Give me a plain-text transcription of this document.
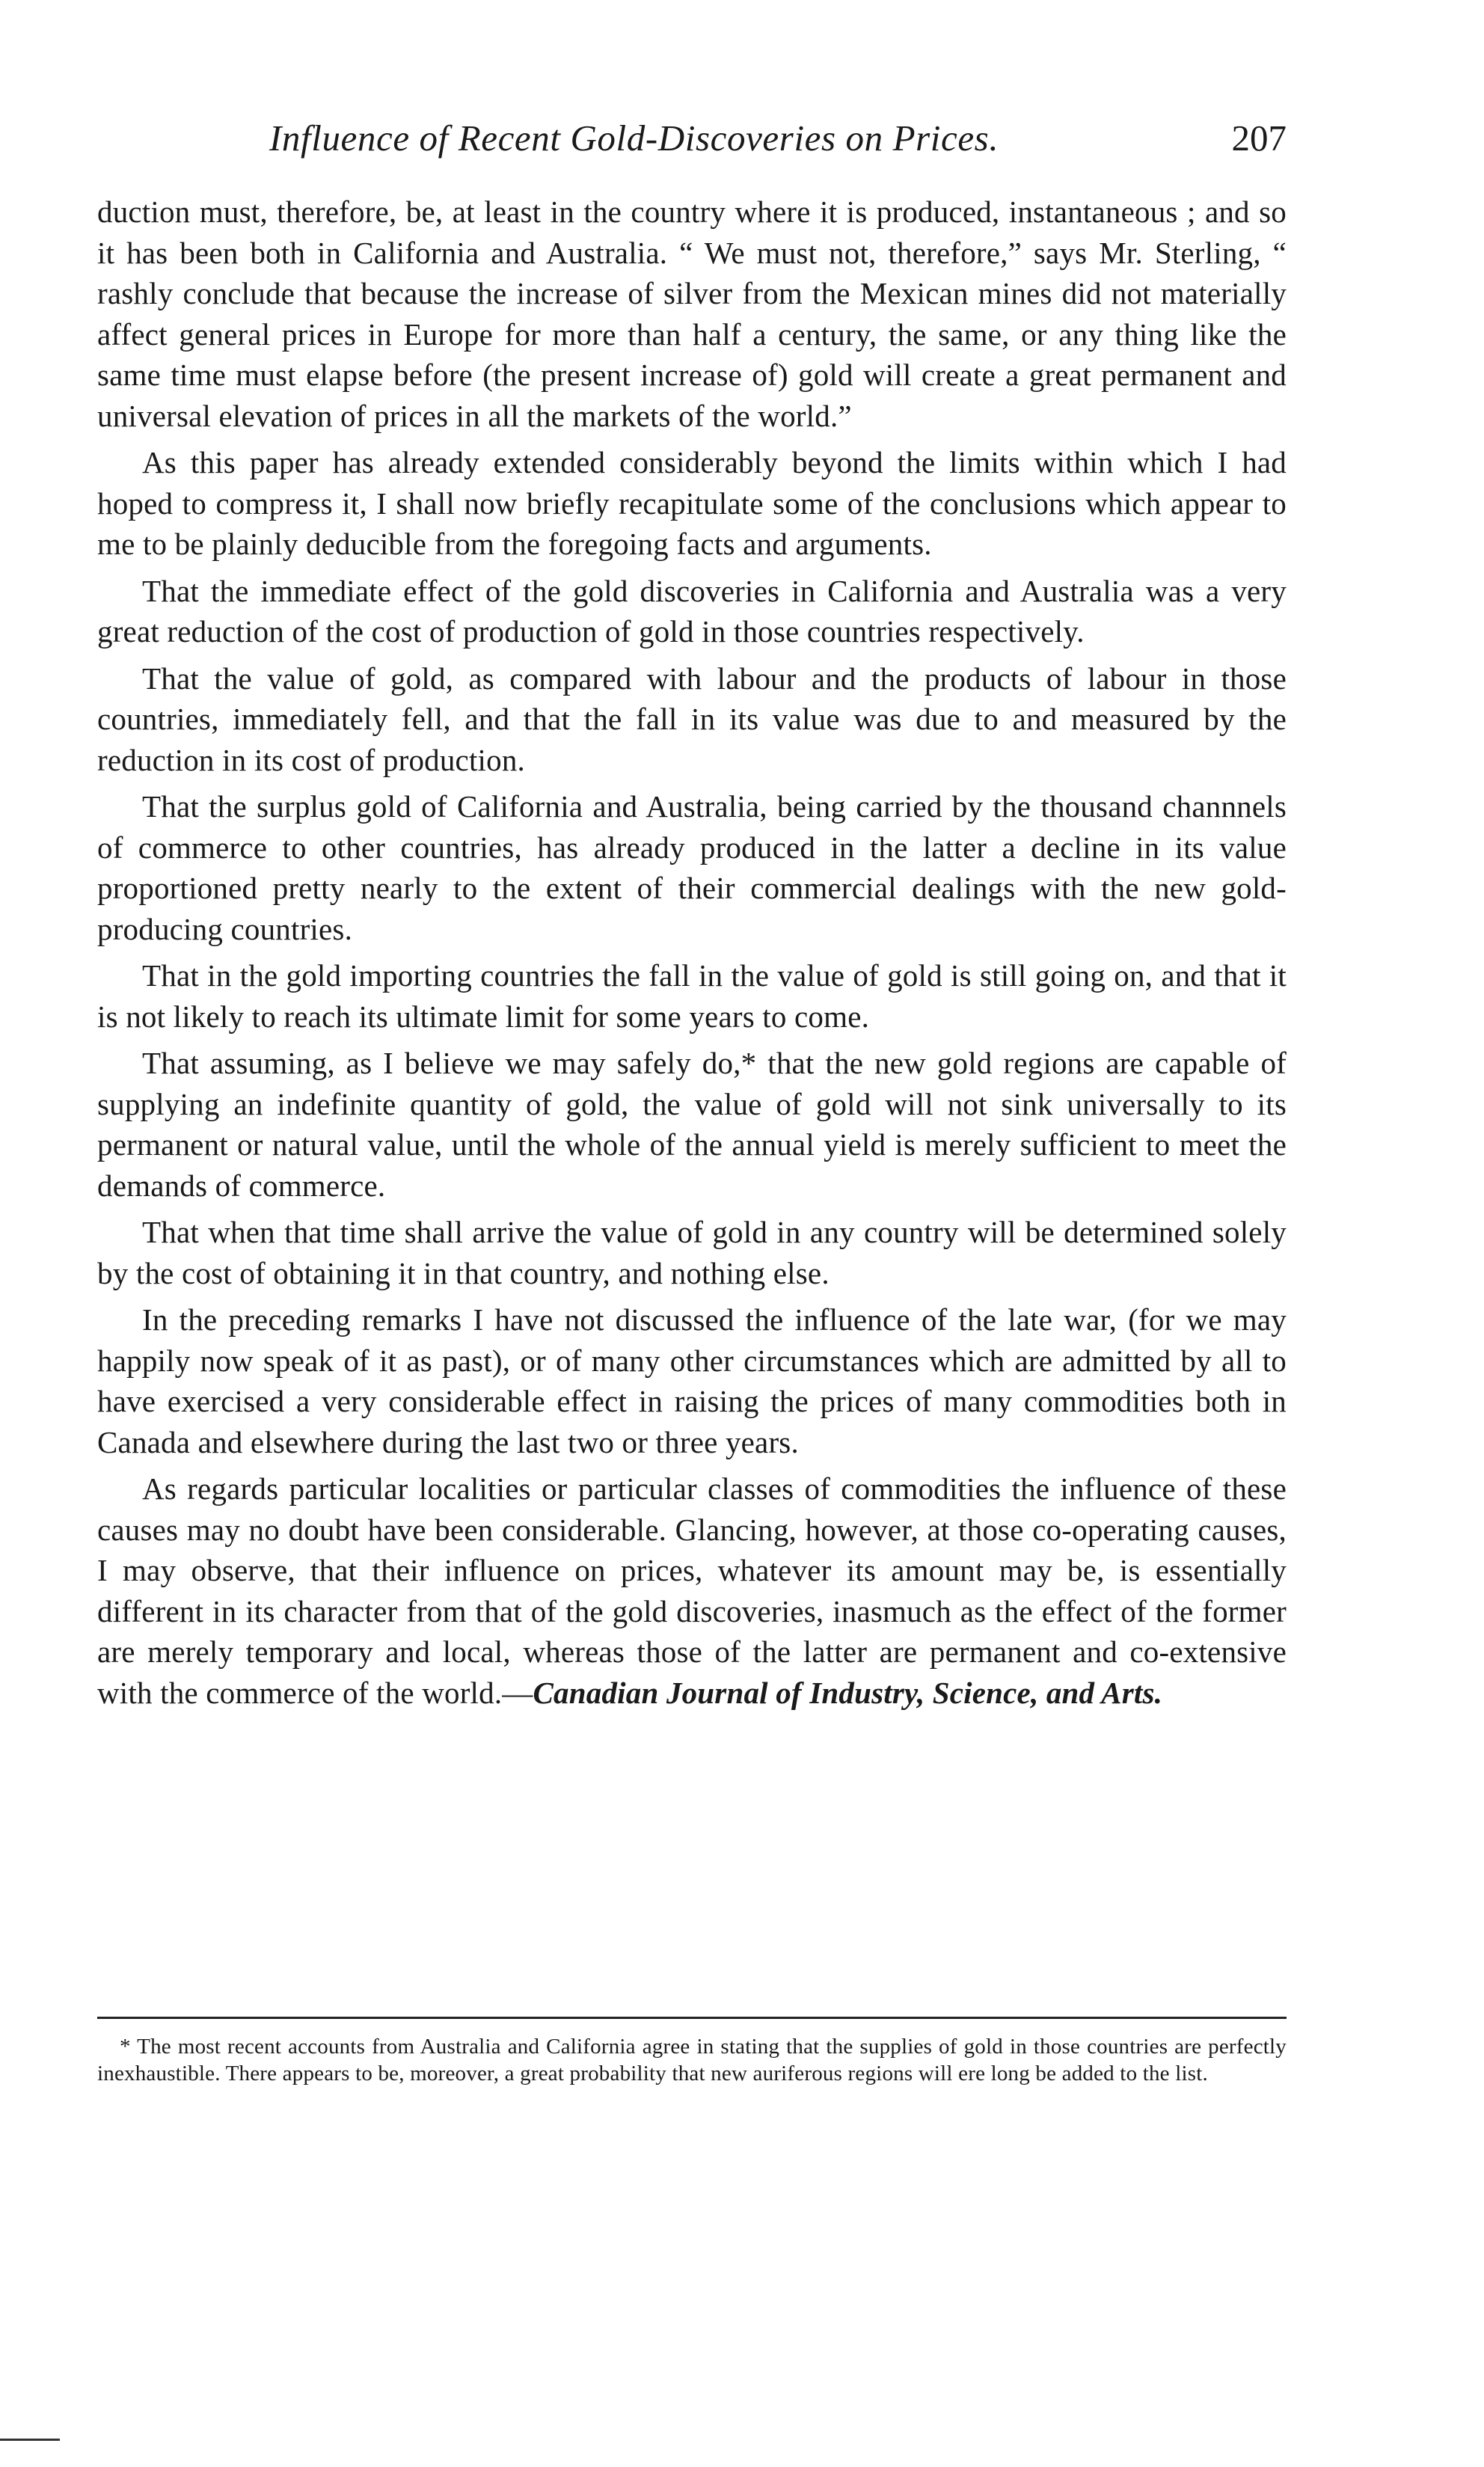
Influence of Recent Gold-Discoveries on Prices.	207

duction must, therefore, be, at least in the country where it is produced, instantaneous ; and so it has been both in California and Australia. “ We must not, therefore,” says Mr. Sterling, “ rashly conclude that because the increase of silver from the Mexican mines did not materially affect general prices in Europe for more than half a century, the same, or any thing like the same time must elapse before (the present increase of) gold will create a great permanent and universal elevation of prices in all the markets of the world.”

As this paper has already extended considerably beyond the limits within which I had hoped to compress it, I shall now briefly recapitulate some of the conclusions which appear to me to be plainly deducible from the foregoing facts and arguments.

That the immediate effect of the gold discoveries in California and Australia was a very great reduction of the cost of production of gold in those countries respectively.

That the value of gold, as compared with labour and the products of labour in those countries, immediately fell, and that the fall in its value was due to and measured by the reduction in its cost of production.

That the surplus gold of California and Australia, being carried by the thousand channnels of commerce to other countries, has already produced in the latter a decline in its value proportioned pretty nearly to the extent of their commercial dealings with the new gold-producing countries.

That in the gold importing countries the fall in the value of gold is still going on, and that it is not likely to reach its ultimate limit for some years to come.

That assuming, as I believe we may safely do,* that the new gold regions are capable of supplying an indefinite quantity of gold, the value of gold will not sink universally to its permanent or natural value, until the whole of the annual yield is merely sufficient to meet the demands of commerce.

That when that time shall arrive the value of gold in any country will be determined solely by the cost of obtaining it in that country, and nothing else.

In the preceding remarks I have not discussed the influence of the late war, (for we may happily now speak of it as past), or of many other circumstances which are admitted by all to have exercised a very considerable effect in raising the prices of many commodities both in Canada and elsewhere during the last two or three years.

As regards particular localities or particular classes of commodities the influence of these causes may no doubt have been considerable. Glancing, however, at those co-operating causes, I may observe, that their influence on prices, whatever its amount may be, is essentially different in its character from that of the gold discoveries, inasmuch as the effect of the former are merely temporary and local, whereas those of the latter are permanent and co-extensive with the commerce of the world.—Canadian Journal of Industry, Science, and Arts.

* The most recent accounts from Australia and California agree in stating that the supplies of gold in those countries are perfectly inexhaustible. There appears to be, moreover, a great probability that new auriferous regions will ere long be added to the list.
